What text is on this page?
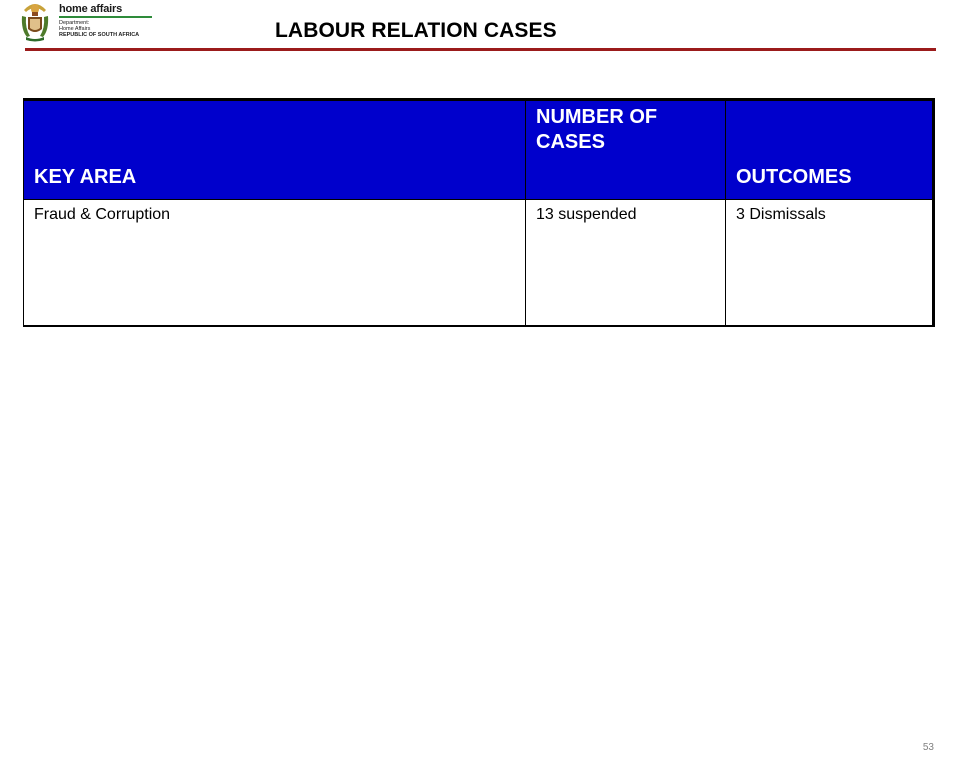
home affairs
Department:
Home Affairs
REPUBLIC OF SOUTH AFRICA	LABOUR RELATION CASES
KEY AREA	NUMBER OF CASES	OUTCOMES
Fraud & Corruption	13 suspended	3 Dismissals
53
